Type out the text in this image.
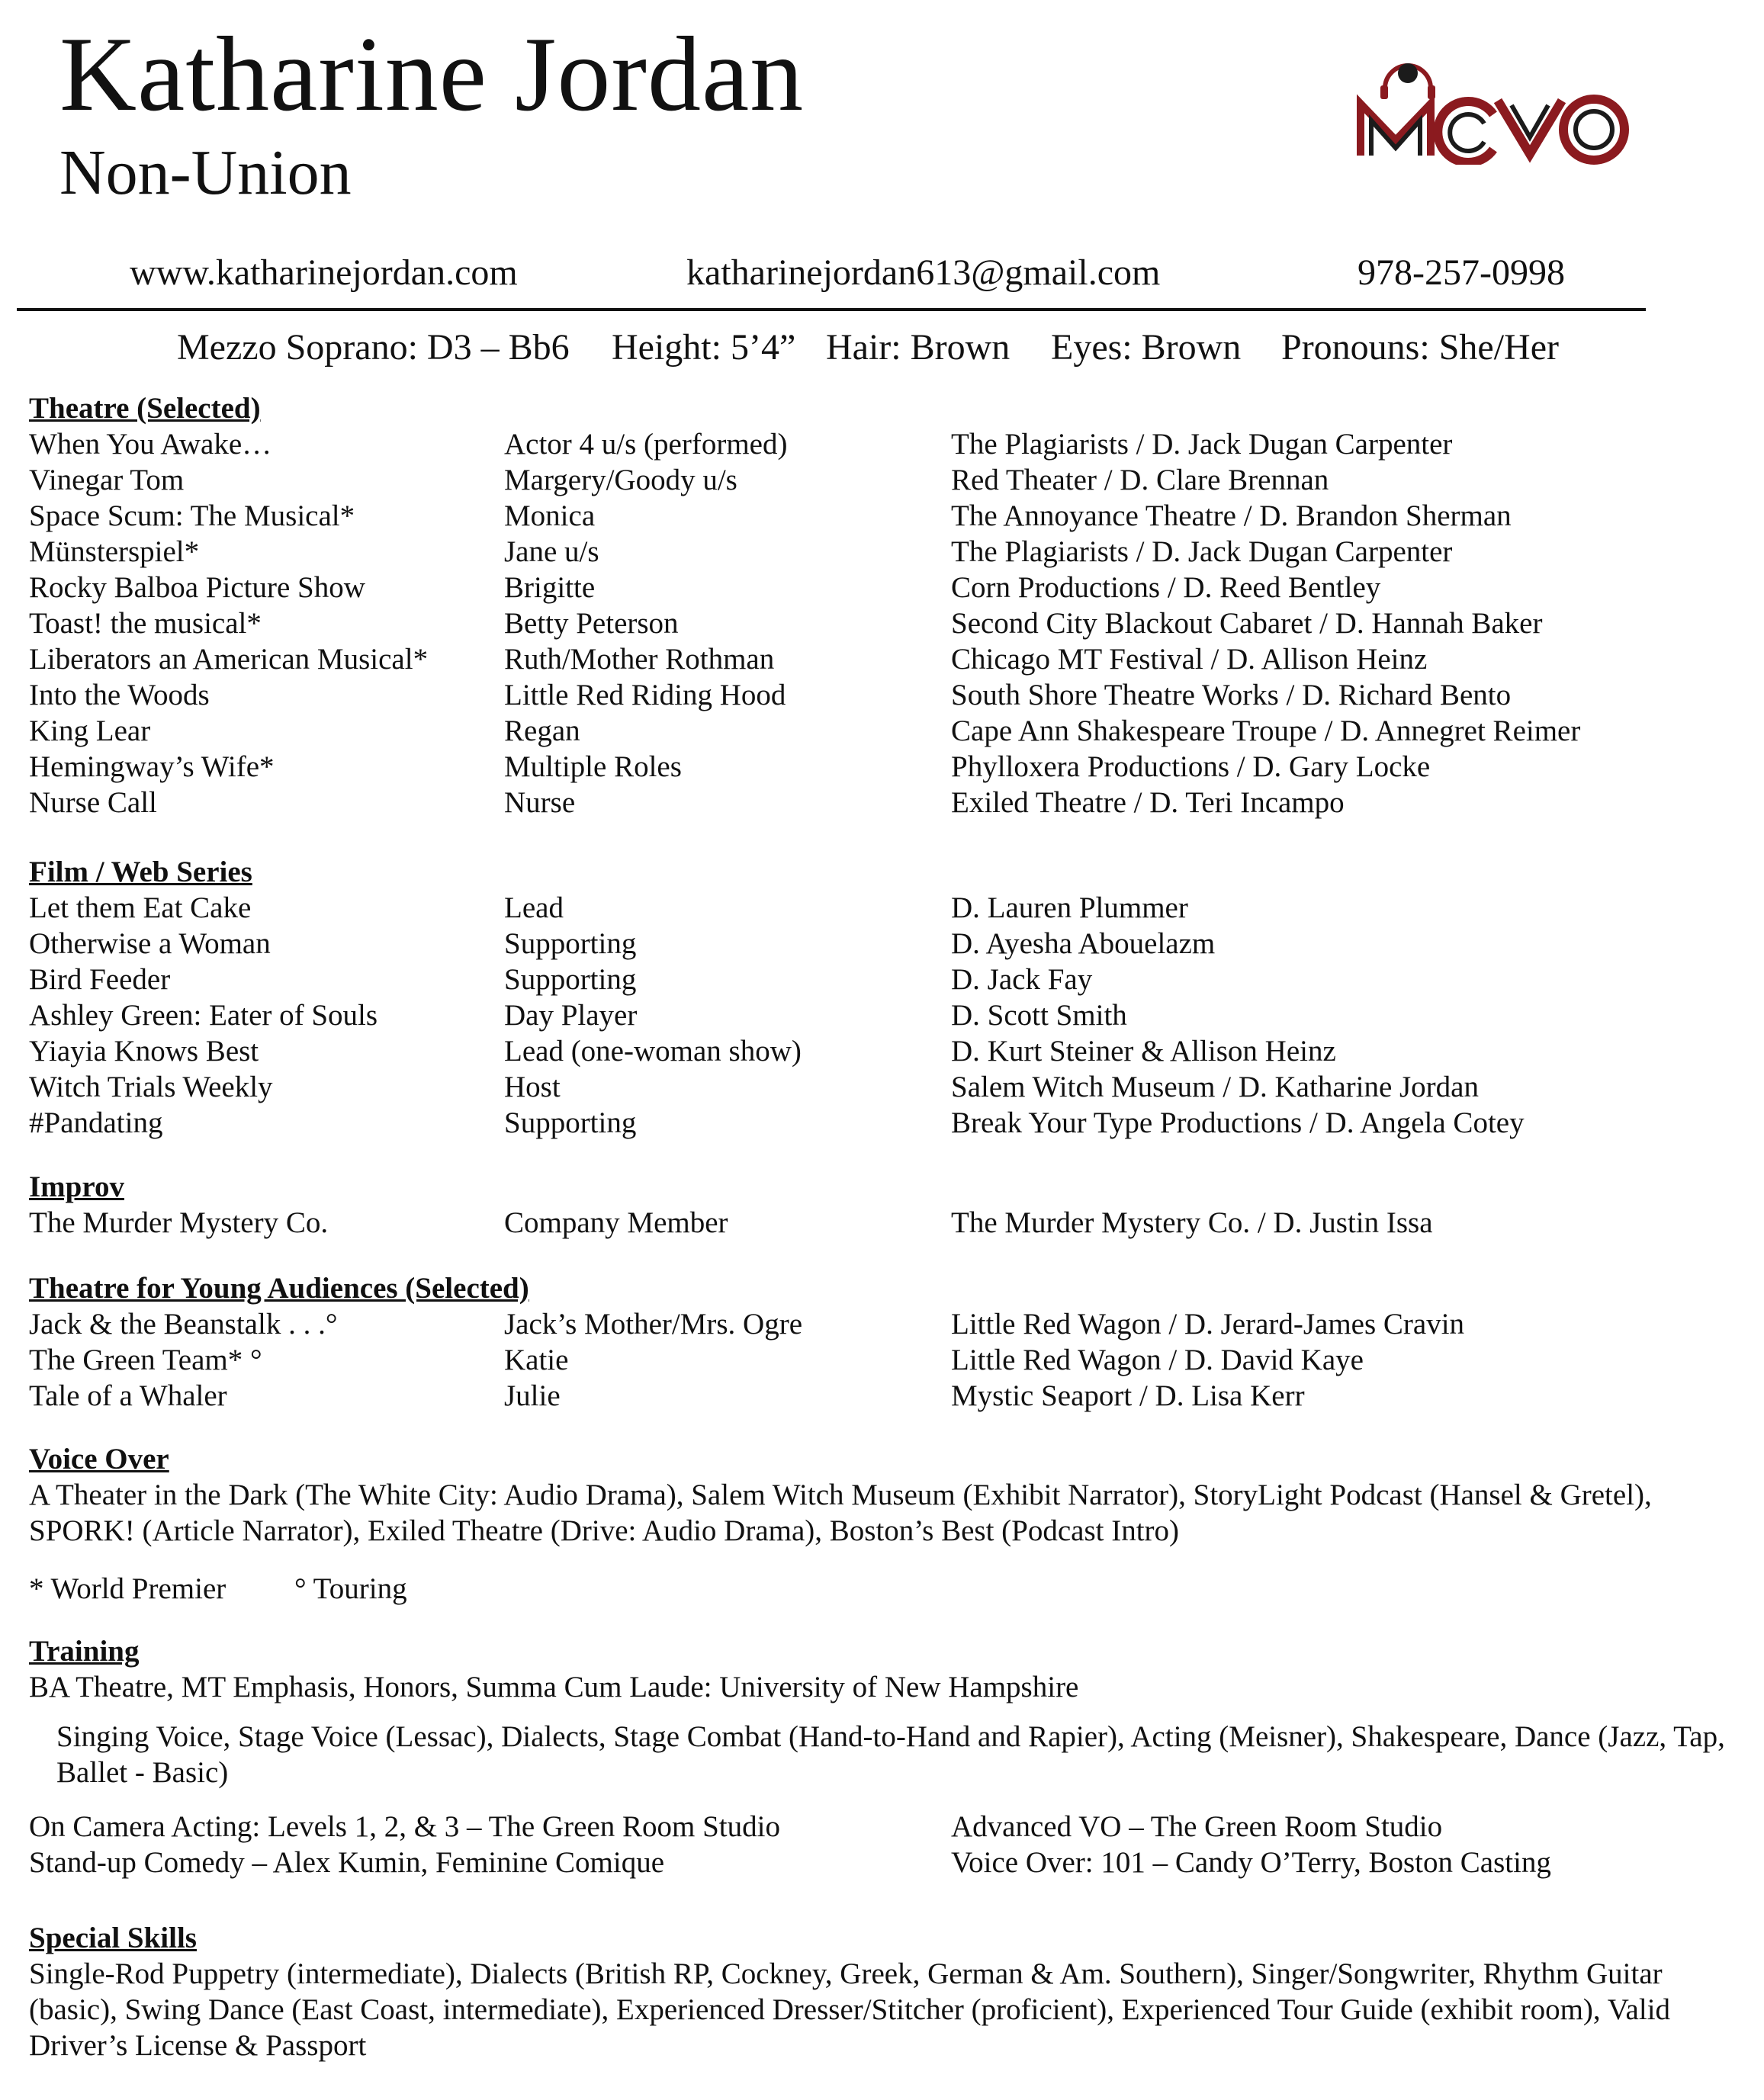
Katharine Jordan
Non-Union
www.katharinejordan.com	katharinejordan613@gmail.com	978-257-0998
Mezzo Soprano: D3 – Bb6 Height: 5’4” Hair: Brown Eyes: Brown Pronouns: She/Her
Theatre (Selected)
When You Awake…	Actor 4 u/s (performed)	The Plagiarists / D. Jack Dugan Carpenter
Vinegar Tom	Margery/Goody u/s	Red Theater / D. Clare Brennan
Space Scum: The Musical*	Monica	The Annoyance Theatre / D. Brandon Sherman
Münsterspiel*	Jane u/s	The Plagiarists / D. Jack Dugan Carpenter
Rocky Balboa Picture Show	Brigitte	Corn Productions / D. Reed Bentley
Toast! the musical*	Betty Peterson	Second City Blackout Cabaret / D. Hannah Baker
Liberators an American Musical*	Ruth/Mother Rothman	Chicago MT Festival / D. Allison Heinz
Into the Woods	Little Red Riding Hood	South Shore Theatre Works / D. Richard Bento
King Lear	Regan	Cape Ann Shakespeare Troupe / D. Annegret Reimer
Hemingway’s Wife*	Multiple Roles	Phylloxera Productions / D. Gary Locke
Nurse Call	Nurse	Exiled Theatre / D. Teri Incampo
Film / Web Series
Let them Eat Cake	Lead	D. Lauren Plummer
Otherwise a Woman	Supporting	D. Ayesha Abouelazm
Bird Feeder	Supporting	D. Jack Fay
Ashley Green: Eater of Souls	Day Player	D. Scott Smith
Yiayia Knows Best	Lead (one-woman show)	D. Kurt Steiner & Allison Heinz
Witch Trials Weekly	Host	Salem Witch Museum / D. Katharine Jordan
#Pandating	Supporting	Break Your Type Productions / D. Angela Cotey
Improv
The Murder Mystery Co.	Company Member	The Murder Mystery Co. / D. Justin Issa
Theatre for Young Audiences (Selected)
Jack & the Beanstalk . . .°	Jack’s Mother/Mrs. Ogre	Little Red Wagon / D. Jerard-James Cravin
The Green Team* °	Katie	Little Red Wagon / D. David Kaye
Tale of a Whaler	Julie	Mystic Seaport / D. Lisa Kerr
Voice Over
A Theater in the Dark (The White City: Audio Drama), Salem Witch Museum (Exhibit Narrator), StoryLight Podcast (Hansel & Gretel), SPORK! (Article Narrator), Exiled Theatre (Drive: Audio Drama), Boston’s Best (Podcast Intro)
* World Premier ° Touring
Training
BA Theatre, MT Emphasis, Honors, Summa Cum Laude: University of New Hampshire
Singing Voice, Stage Voice (Lessac), Dialects, Stage Combat (Hand-to-Hand and Rapier), Acting (Meisner), Shakespeare, Dance (Jazz, Tap, Ballet - Basic)
On Camera Acting: Levels 1, 2, & 3 – The Green Room Studio	Advanced VO – The Green Room Studio
Stand-up Comedy – Alex Kumin, Feminine Comique	Voice Over: 101 – Candy O’Terry, Boston Casting
Special Skills
Single-Rod Puppetry (intermediate), Dialects (British RP, Cockney, Greek, German & Am. Southern), Singer/Songwriter, Rhythm Guitar (basic), Swing Dance (East Coast, intermediate), Experienced Dresser/Stitcher (proficient), Experienced Tour Guide (exhibit room), Valid Driver’s License & Passport
